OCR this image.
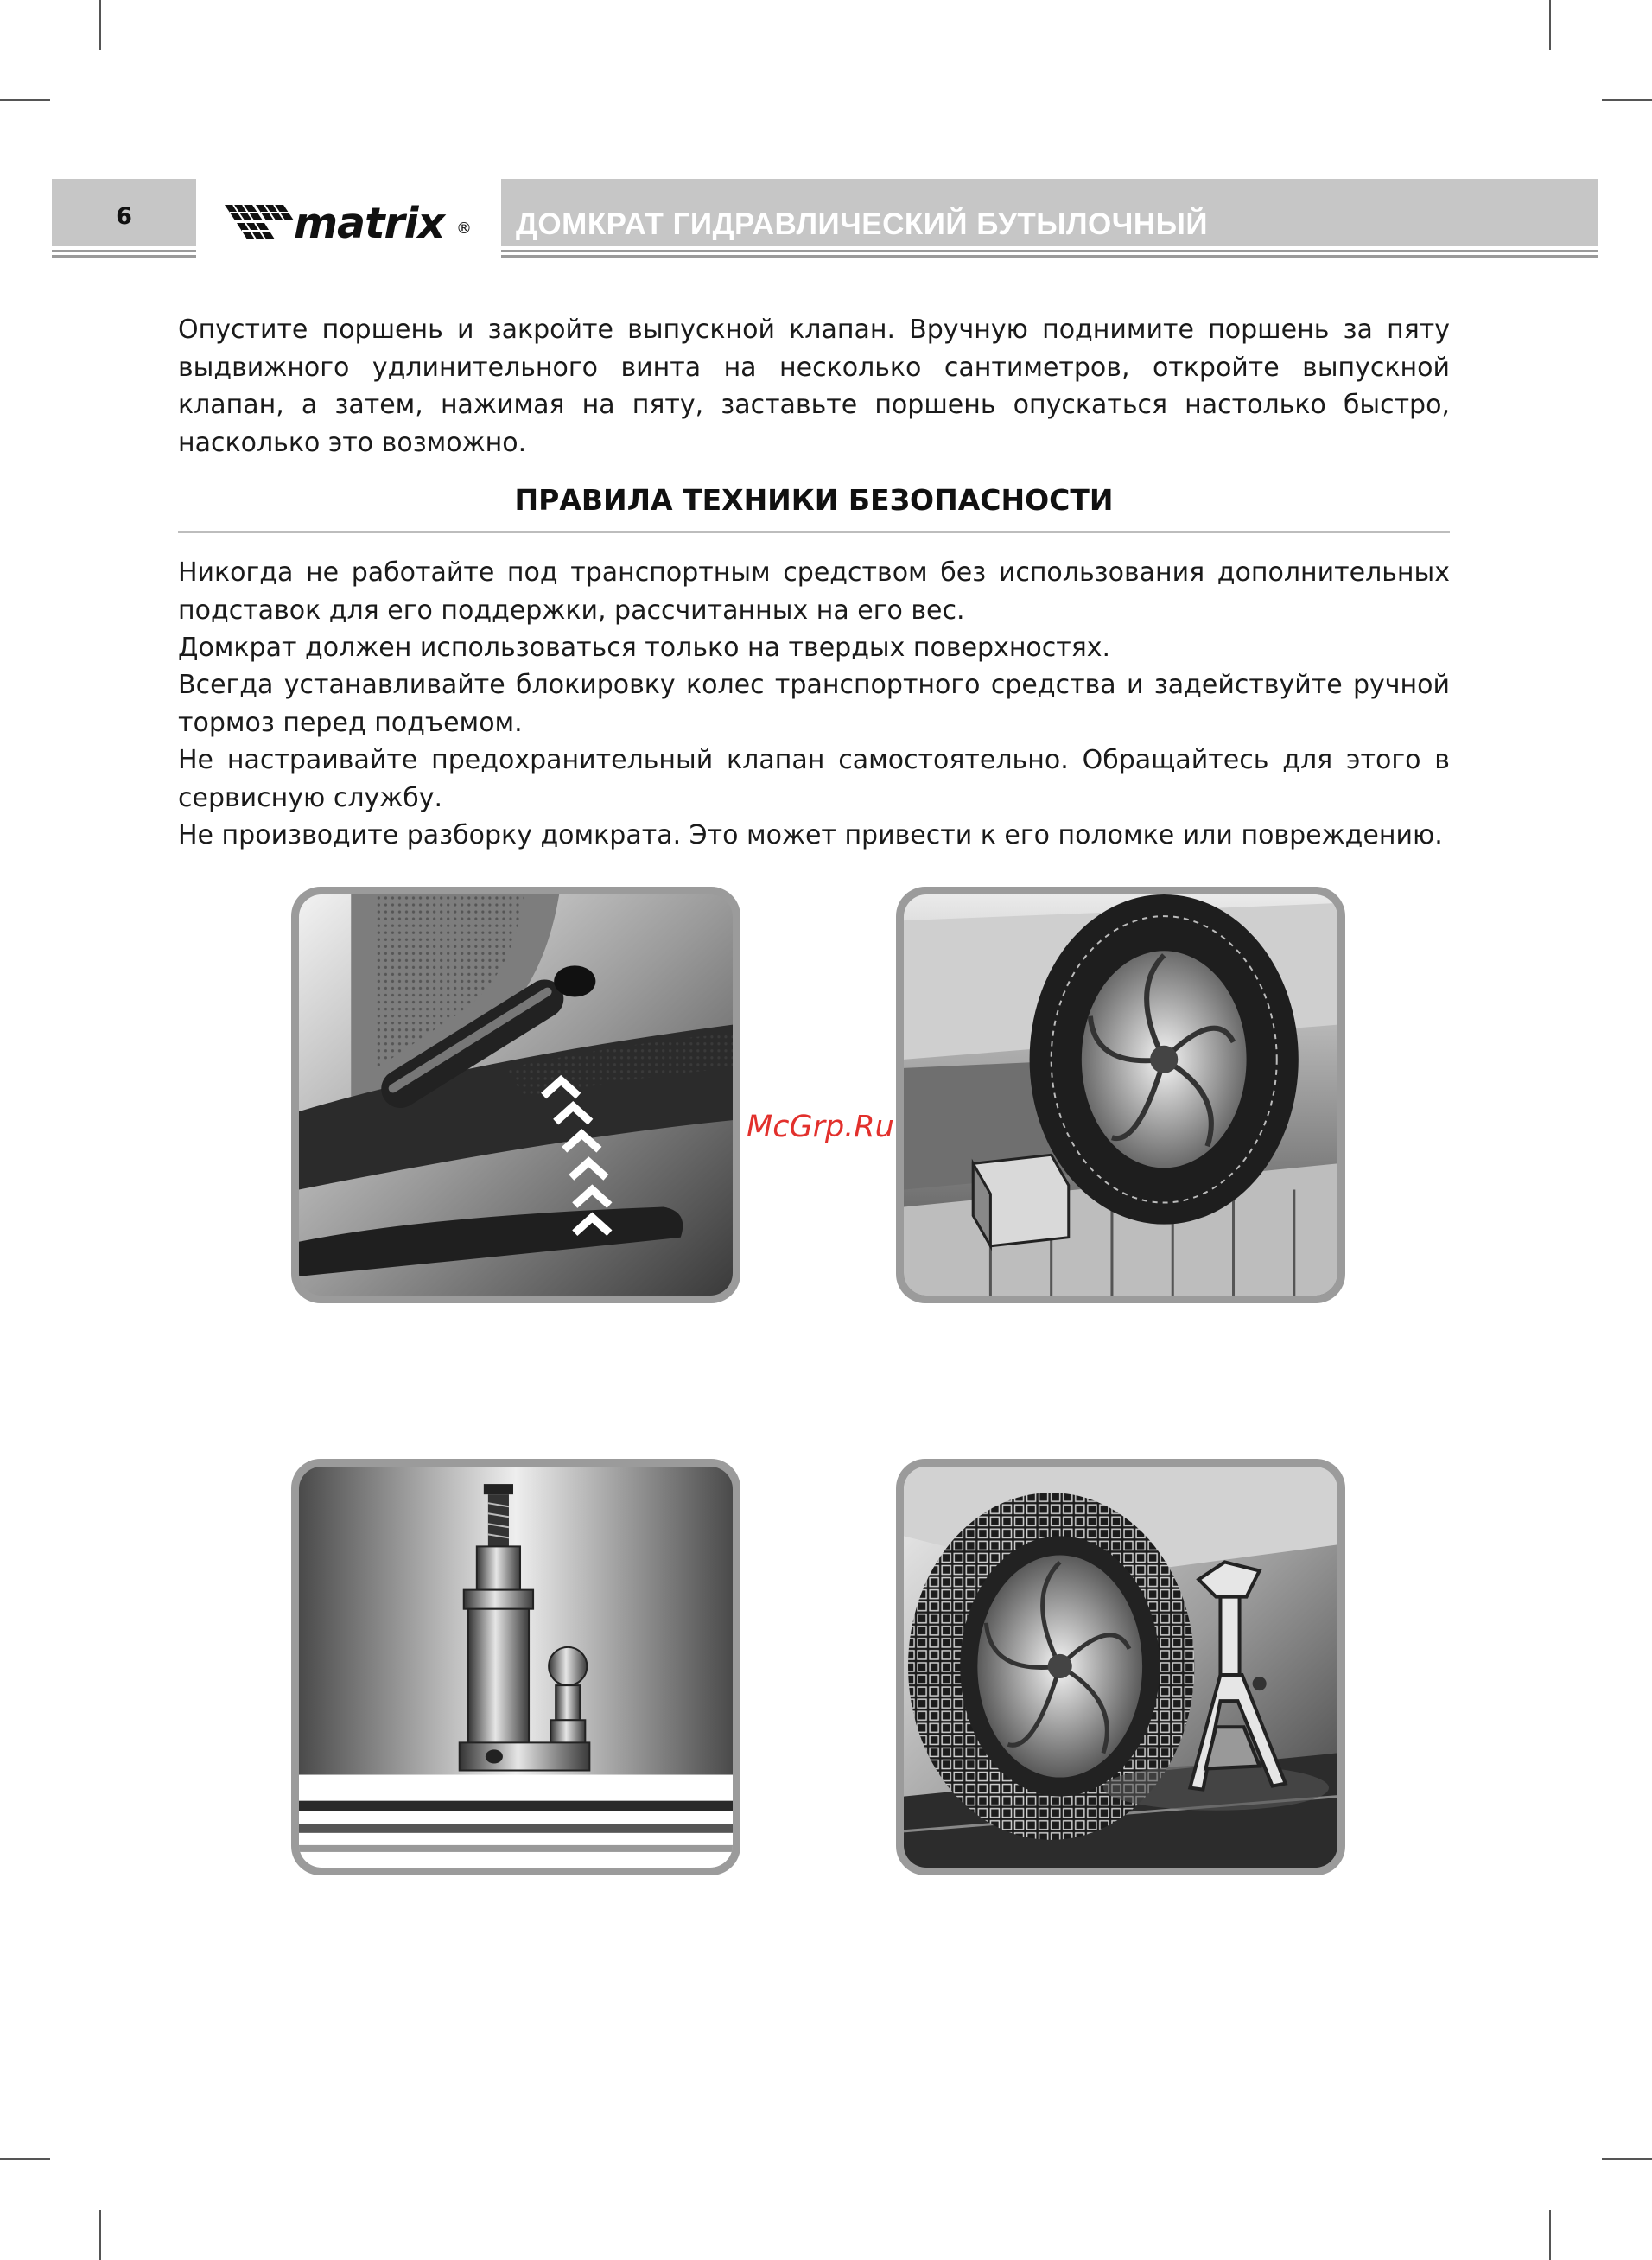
6	matrix ® ДОМКРАТ ГИДРАВЛИЧЕСКИЙ БУТЫЛОЧНЫЙ

Опустите поршень и закройте выпускной клапан. Вручную поднимите поршень за пяту выдвижного удлинительного винта на несколько сантиметров, откройте выпускной клапан, а затем, нажимая на пяту, заставьте поршень опускаться настолько быстро, насколько это возможно.

ПРАВИЛА ТЕХНИКИ БЕЗОПАСНОСТИ

Никогда не работайте под транспортным средством без использования дополнительных подставок для его поддержки, рассчитанных на его вес.

Домкрат должен использоваться только на твердых поверхностях.

Всегда устанавливайте блокировку колес транспортного средства и задействуйте ручной тормоз перед подъемом.

Не настраивайте предохранительный клапан самостоятельно. Обращайтесь для этого в сервисную службу.

Не производите разборку домкрата. Это может привести к его поломке или повреждению.

McGrp.Ru
